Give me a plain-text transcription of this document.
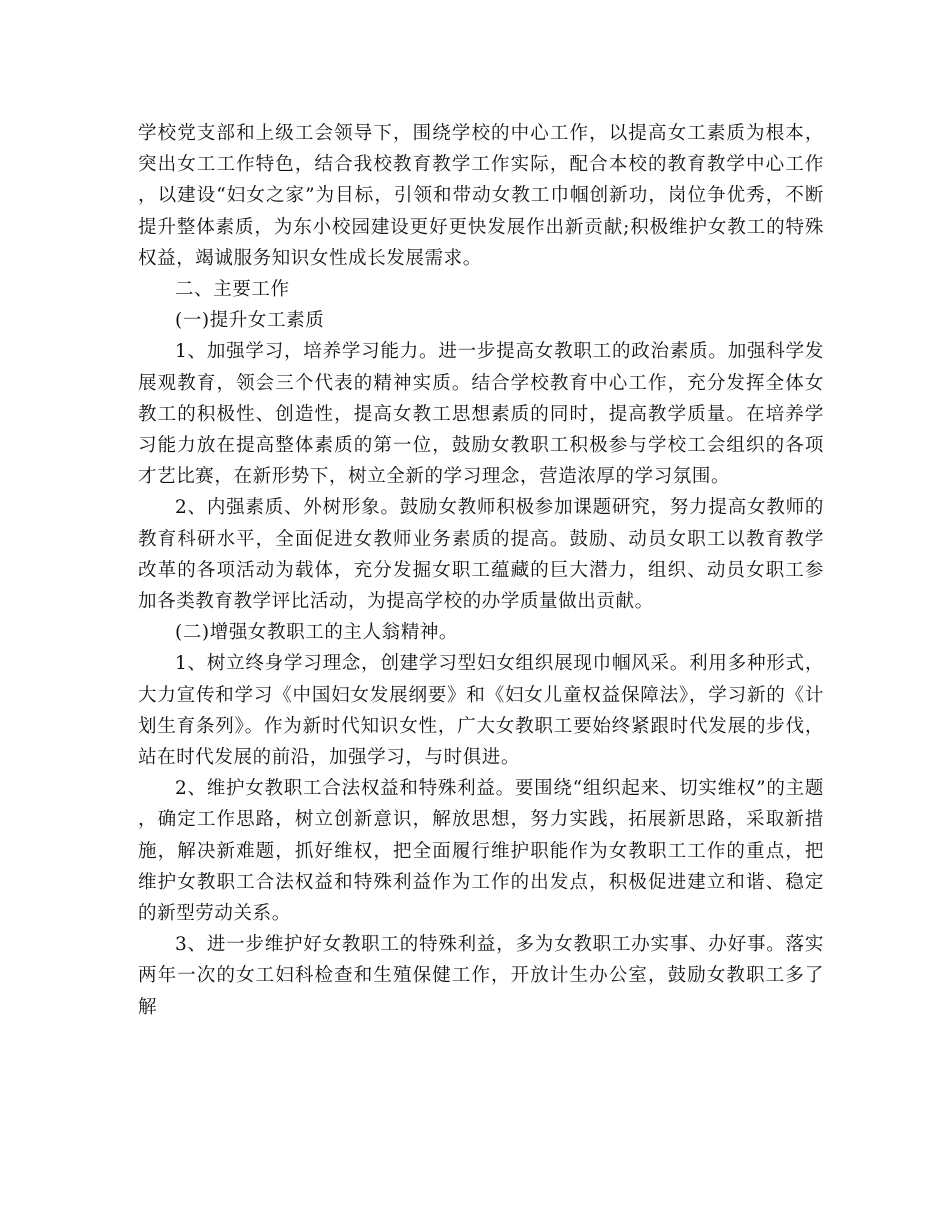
学校党支部和上级工会领导下，围绕学校的中心工作，以提高女工素质为根本，突出女工工作特色，结合我校教育教学工作实际，配合本校的教育教学中心工作，以建设“妇女之家”为目标，引领和带动女教工巾帼创新功，岗位争优秀，不断提升整体素质，为东小校园建设更好更快发展作出新贡献;积极维护女教工的特殊权益，竭诚服务知识女性成长发展需求。

二、主要工作

(一)提升女工素质

1、加强学习，培养学习能力。进一步提高女教职工的政治素质。加强科学发展观教育，领会三个代表的精神实质。结合学校教育中心工作，充分发挥全体女教工的积极性、创造性，提高女教工思想素质的同时，提高教学质量。在培养学习能力放在提高整体素质的第一位，鼓励女教职工积极参与学校工会组织的各项才艺比赛，在新形势下，树立全新的学习理念，营造浓厚的学习氛围。

2、内强素质、外树形象。鼓励女教师积极参加课题研究，努力提高女教师的教育科研水平，全面促进女教师业务素质的提高。鼓励、动员女职工以教育教学改革的各项活动为载体，充分发掘女职工蕴藏的巨大潜力，组织、动员女职工参加各类教育教学评比活动，为提高学校的办学质量做出贡献。

(二)增强女教职工的主人翁精神。

1、树立终身学习理念，创建学习型妇女组织展现巾帼风采。利用多种形式，大力宣传和学习《中国妇女发展纲要》和《妇女儿童权益保障法》，学习新的《计划生育条列》。作为新时代知识女性，广大女教职工要始终紧跟时代发展的步伐，站在时代发展的前沿，加强学习，与时俱进。

2、维护女教职工合法权益和特殊利益。要围绕“组织起来、切实维权”的主题，确定工作思路，树立创新意识，解放思想，努力实践，拓展新思路，采取新措施，解决新难题，抓好维权，把全面履行维护职能作为女教职工工作的重点，把维护女教职工合法权益和特殊利益作为工作的出发点，积极促进建立和谐、稳定的新型劳动关系。

3、进一步维护好女教职工的特殊利益，多为女教职工办实事、办好事。落实两年一次的女工妇科检查和生殖保健工作，开放计生办公室，鼓励女教职工多了解
